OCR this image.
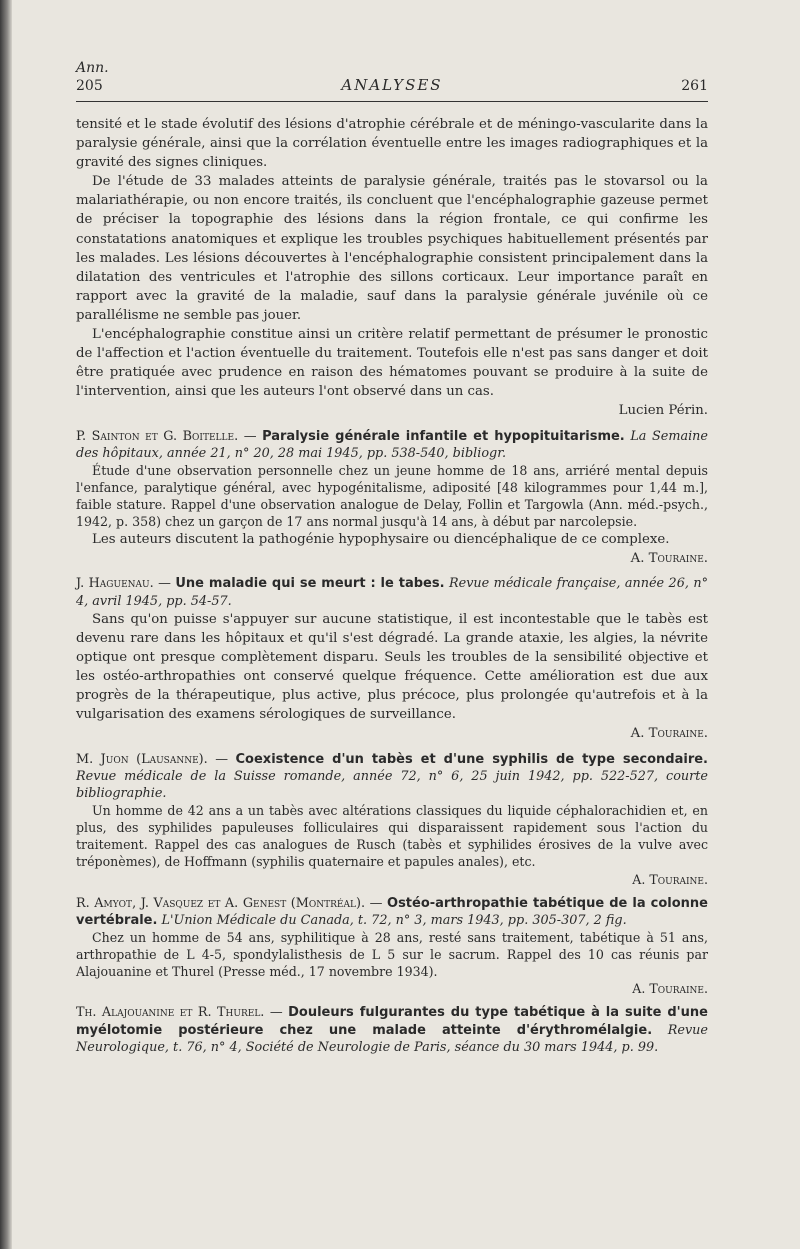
Ann.
205	ANALYSES	261

tensité et le stade évolutif des lésions d'atrophie cérébrale et de méningo-vascularite dans la paralysie générale, ainsi que la corrélation éventuelle entre les images radiographiques et la gravité des signes cliniques.

De l'étude de 33 malades atteints de paralysie générale, traités pas le stovarsol ou la malariathérapie, ou non encore traités, ils concluent que l'encéphalographie gazeuse permet de préciser la topographie des lésions dans la région frontale, ce qui confirme les constatations anatomiques et explique les troubles psychiques habituellement présentés par les malades. Les lésions découvertes à l'encéphalographie consistent principalement dans la dilatation des ventricules et l'atrophie des sillons corticaux. Leur importance paraît en rapport avec la gravité de la maladie, sauf dans la paralysie générale juvénile où ce parallélisme ne semble pas jouer.

L'encéphalographie constitue ainsi un critère relatif permettant de présumer le pronostic de l'affection et l'action éventuelle du traitement. Toutefois elle n'est pas sans danger et doit être pratiquée avec prudence en raison des hématomes pouvant se produire à la suite de l'intervention, ainsi que les auteurs l'ont observé dans un cas.

Lucien Périn.

P. Sainton et G. Boitelle. — Paralysie générale infantile et hypopituitarisme. La Semaine des hôpitaux, année 21, n° 20, 28 mai 1945, pp. 538-540, bibliogr.

Étude d'une observation personnelle chez un jeune homme de 18 ans, arriéré mental depuis l'enfance, paralytique général, avec hypogénitalisme, adiposité [48 kilogrammes pour 1,44 m.], faible stature. Rappel d'une observation analogue de Delay, Follin et Targowla (Ann. méd.-psych., 1942, p. 358) chez un garçon de 17 ans normal jusqu'à 14 ans, à début par narcolepsie.

Les auteurs discutent la pathogénie hypophysaire ou diencéphalique de ce complexe.

A. Touraine.

J. Haguenau. — Une maladie qui se meurt : le tabes. Revue médicale française, année 26, n° 4, avril 1945, pp. 54-57.

Sans qu'on puisse s'appuyer sur aucune statistique, il est incontestable que le tabès est devenu rare dans les hôpitaux et qu'il s'est dégradé. La grande ataxie, les algies, la névrite optique ont presque complètement disparu. Seuls les troubles de la sensibilité objective et les ostéo-arthropathies ont conservé quelque fréquence. Cette amélioration est due aux progrès de la thérapeutique, plus active, plus précoce, plus prolongée qu'autrefois et à la vulgarisation des examens sérologiques de surveillance.

A. Touraine.

M. Juon (Lausanne). — Coexistence d'un tabès et d'une syphilis de type secondaire. Revue médicale de la Suisse romande, année 72, n° 6, 25 juin 1942, pp. 522-527, courte bibliographie.

Un homme de 42 ans a un tabès avec altérations classiques du liquide céphalorachidien et, en plus, des syphilides papuleuses folliculaires qui disparaissent rapidement sous l'action du traitement. Rappel des cas analogues de Rusch (tabès et syphilides érosives de la vulve avec tréponèmes), de Hoffmann (syphilis quaternaire et papules anales), etc.

A. Touraine.

R. Amyot, J. Vasquez et A. Genest (Montréal). — Ostéo-arthropathie tabétique de la colonne vertébrale. L'Union Médicale du Canada, t. 72, n° 3, mars 1943, pp. 305-307, 2 fig.

Chez un homme de 54 ans, syphilitique à 28 ans, resté sans traitement, tabétique à 51 ans, arthropathie de L 4-5, spondylalisthesis de L 5 sur le sacrum. Rappel des 10 cas réunis par Alajouanine et Thurel (Presse méd., 17 novembre 1934).

A. Touraine.

Th. Alajouanine et R. Thurel. — Douleurs fulgurantes du type tabétique à la suite d'une myélotomie postérieure chez une malade atteinte d'érythromélalgie. Revue Neurologique, t. 76, n° 4, Société de Neurologie de Paris, séance du 30 mars 1944, p. 99.
